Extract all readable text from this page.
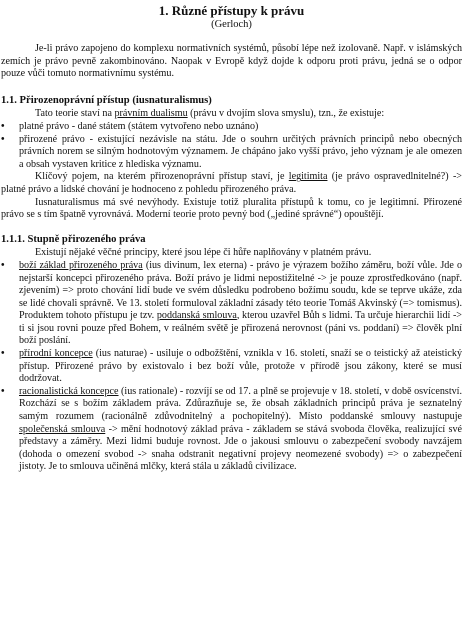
1. Různé přístupy k právu
(Gerloch)

Je-li právo zapojeno do komplexu normativních systémů, působí lépe než izolovaně. Např. v islámských zemích je právo pevně zakombinováno. Naopak v Evropě když dojde k odporu proti právu, jedná se o odpor pouze vůči tomuto normativnímu systému.

1.1. Přirozenoprávní přístup (iusnaturalismus)

Tato teorie staví na právním dualismu (právu v dvojím slova smyslu), tzn., že existuje:

• platné právo - dané státem (státem vytvořeno nebo uznáno)
• přirozené právo - existující nezávisle na státu. Jde o souhrn určitých právních principů nebo obecných právních norem se silným hodnotovým významem. Je chápáno jako vyšší právo, jeho význam je ale omezen a obsah vystaven kritice z hlediska významu.

Klíčový pojem, na kterém přirozenoprávní přístup staví, je legitimita (je právo ospravedlnitelné?) -> platné právo a lidské chování je hodnoceno z pohledu přirozeného práva.

Iusnaturalismus má své nevýhody. Existuje totiž pluralita přístupů k tomu, co je legitimní. Přirozené právo se s tím špatně vyrovnává. Moderní teorie proto pevný bod („jediné správné“) opouštějí.

1.1.1. Stupně přirozeného práva

Existují nějaké věčné principy, které jsou lépe či hůře naplňovány v platném právu.

• boží základ přirozeného práva (ius divinum, lex eterna) - právo je výrazem božího záměru, boží vůle. Jde o nejstarší koncepci přirozeného práva. Boží právo je lidmi nepostižitelné -> je pouze zprostředkováno (např. zjevením) => proto chování lidí bude ve svém důsledku podrobeno božímu soudu, kde se teprve ukáže, zda se lidé chovali správně. Ve 13. století formuloval základní zásady této teorie Tomáš Akvinský (=> tomismus). Produktem tohoto přístupu je tzv. poddanská smlouva, kterou uzavřel Bůh s lidmi. Ta určuje hierarchii lidí -> ti si jsou rovni pouze před Bohem, v reálném světě je přirozená nerovnost (páni vs. poddaní) => člověk plní boží poslání.
• přírodní koncepce (ius naturae) - usiluje o odbožštění, vznikla v 16. století, snaží se o teistický až ateistický přístup. Přirozené právo by existovalo i bez boží vůle, protože v přírodě jsou zákony, které se musí dodržovat.
• racionalistická koncepce (ius rationale) - rozvíjí se od 17. a plně se projevuje v 18. století, v době osvícenství. Rozchází se s božím základem práva. Zdůrazňuje se, že obsah základních principů práva je seznatelný samým rozumem (racionálně zdůvodnitelný a pochopitelný). Místo poddanské smlouvy nastupuje společenská smlouva -> mění hodnotový základ práva - základem se stává svoboda člověka, realizující své představy a záměry. Mezi lidmi buduje rovnost. Jde o jakousi smlouvu o zabezpečení svobody navzájem (dohoda o omezení svobod -> snaha odstranit negativní projevy neomezené svobody) => o zabezpečení jistoty. Je to smlouva učiněná mlčky, která stála u základů civilizace.
